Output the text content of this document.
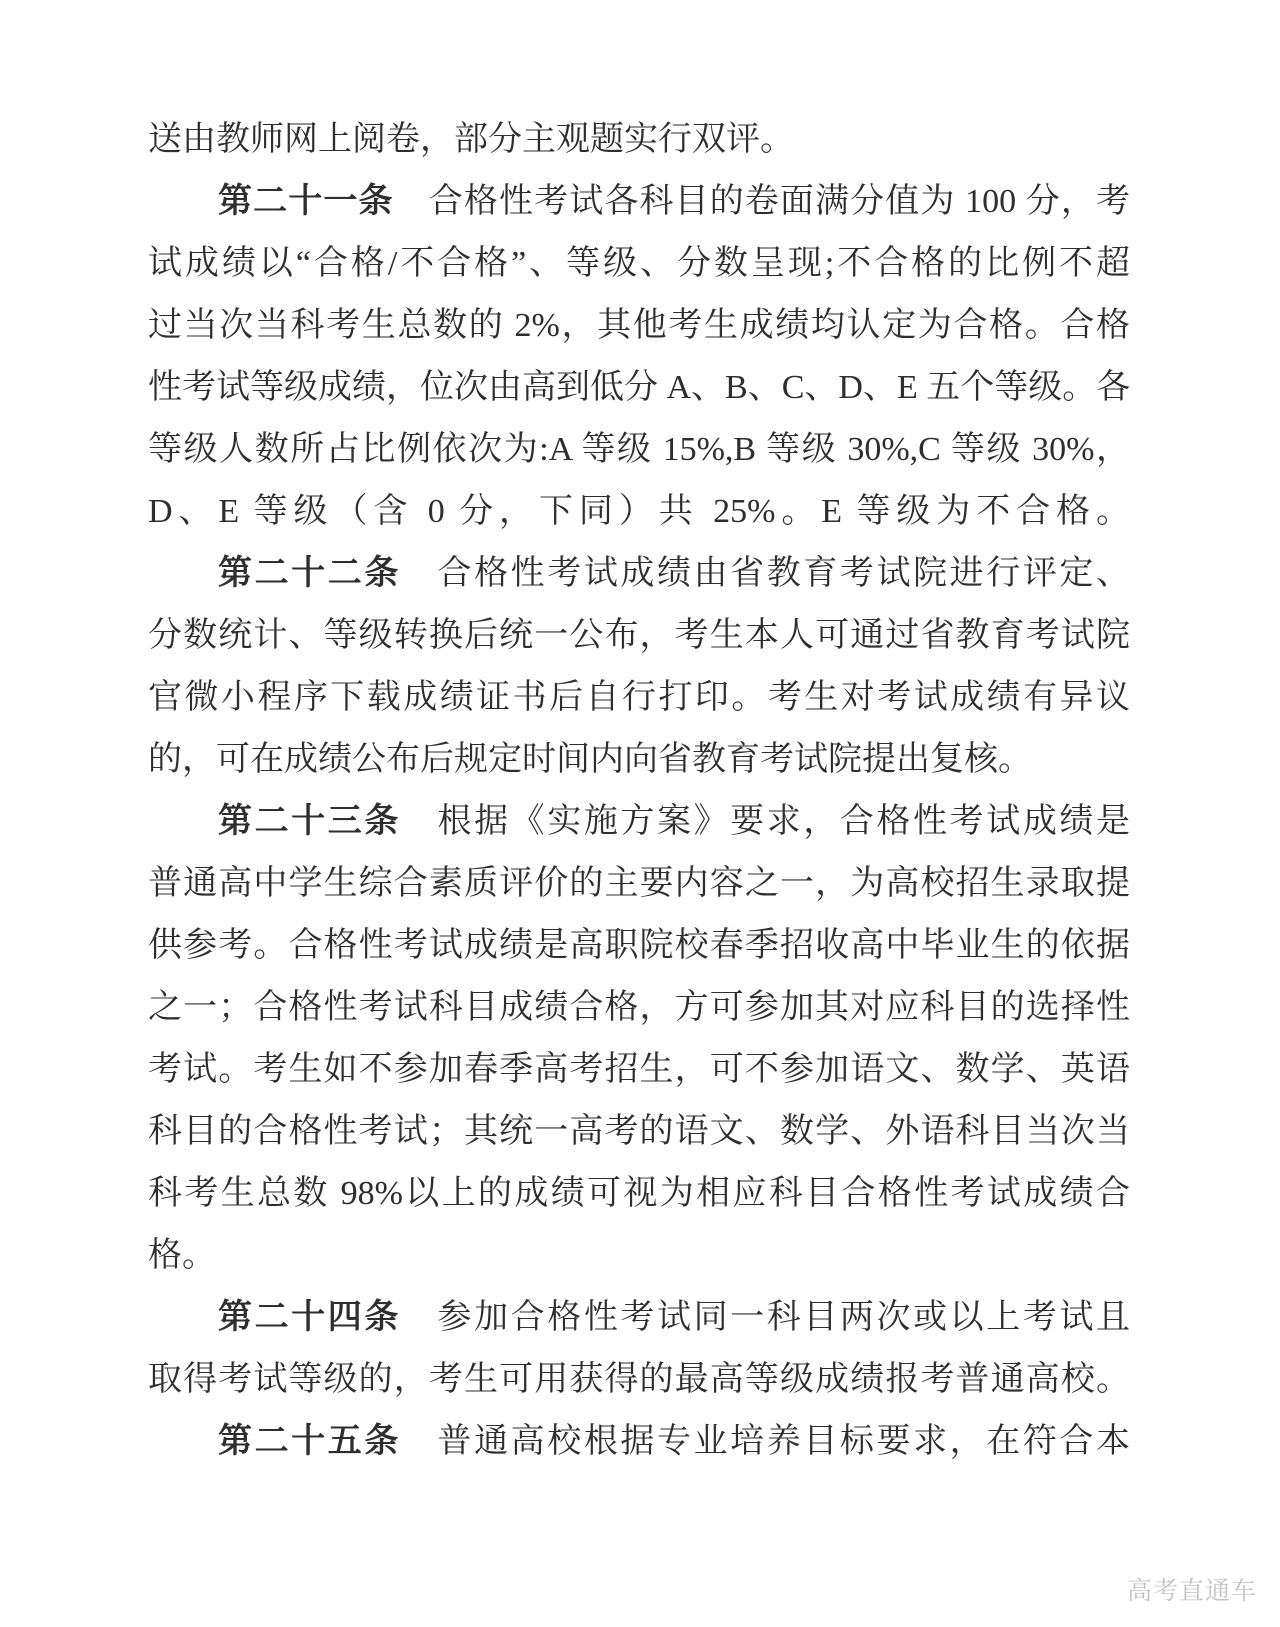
送由教师网上阅卷，部分主观题实行双评。
第二十一条　合格性考试各科目的卷面满分值为 100 分，考
试成绩以“合格/不合格”、等级、分数呈现;不合格的比例不超
过当次当科考生总数的 2%，其他考生成绩均认定为合格。合格
性考试等级成绩，位次由高到低分 A、B、C、D、E 五个等级。各
等级人数所占比例依次为:A 等级 15%,B 等级 30%,C 等级 30%，
D、E 等级（含 0 分，下同）共 25%。E 等级为不合格。
第二十二条　合格性考试成绩由省教育考试院进行评定、
分数统计、等级转换后统一公布，考生本人可通过省教育考试院
官微小程序下载成绩证书后自行打印。考生对考试成绩有异议
的，可在成绩公布后规定时间内向省教育考试院提出复核。
第二十三条　根据《实施方案》要求，合格性考试成绩是
普通高中学生综合素质评价的主要内容之一，为高校招生录取提
供参考。合格性考试成绩是高职院校春季招收高中毕业生的依据
之一；合格性考试科目成绩合格，方可参加其对应科目的选择性
考试。考生如不参加春季高考招生，可不参加语文、数学、英语
科目的合格性考试；其统一高考的语文、数学、外语科目当次当
科考生总数 98%以上的成绩可视为相应科目合格性考试成绩合
格。
第二十四条　参加合格性考试同一科目两次或以上考试且
取得考试等级的，考生可用获得的最高等级成绩报考普通高校。
第二十五条　普通高校根据专业培养目标要求，在符合本
高考直通车
